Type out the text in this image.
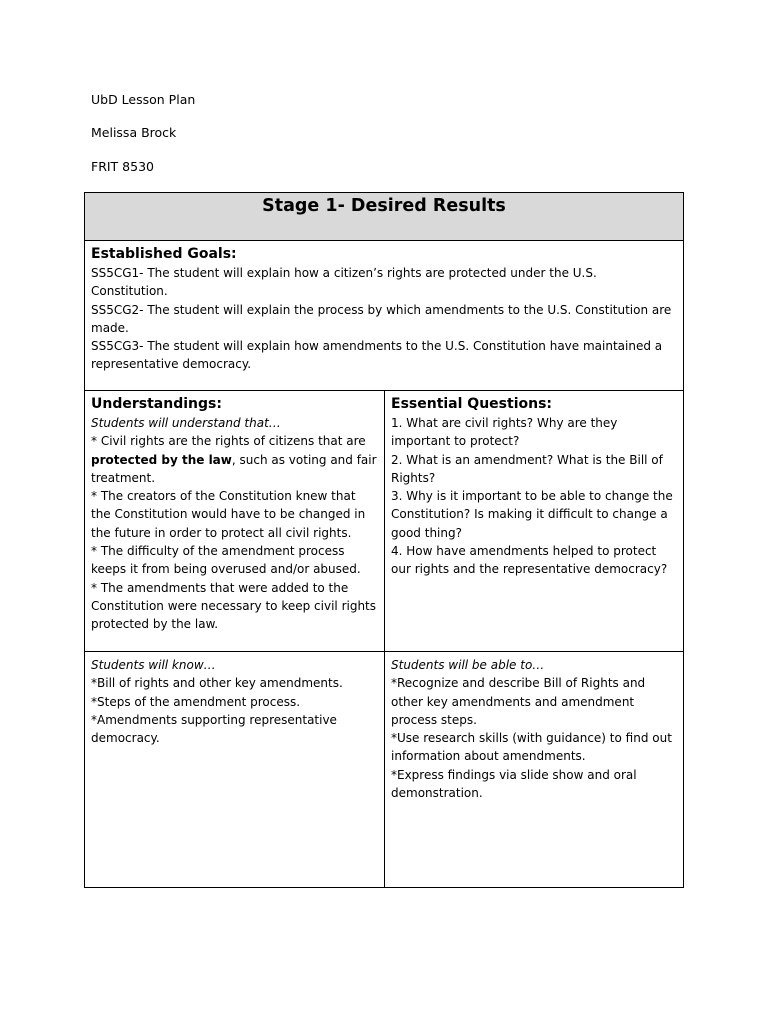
UbD Lesson Plan
Melissa Brock
FRIT 8530
Stage 1- Desired Results
Established Goals:

SS5CG1- The student will explain how a citizen’s rights are protected under the U.S. Constitution.

SS5CG2- The student will explain the process by which amendments to the U.S. Constitution are made.

SS5CG3- The student will explain how amendments to the U.S. Constitution have maintained a representative democracy.

Understandings:

Students will understand that…

* Civil rights are the rights of citizens that are protected by the law, such as voting and fair treatment.

* The creators of the Constitution knew that the Constitution would have to be changed in the future in order to protect all civil rights.

* The difficulty of the amendment process keeps it from being overused and/or abused.

* The amendments that were added to the Constitution were necessary to keep civil rights protected by the law.

Essential Questions:

1. What are civil rights? Why are they important to protect?

2. What is an amendment? What is the Bill of Rights?

3. Why is it important to be able to change the Constitution? Is making it difficult to change a good thing?

4. How have amendments helped to protect our rights and the representative democracy?

Students will know…

*Bill of rights and other key amendments.

*Steps of the amendment process.

*Amendments supporting representative democracy.

Students will be able to…

*Recognize and describe Bill of Rights and other key amendments and amendment process steps.

*Use research skills (with guidance) to find out information about amendments.

*Express findings via slide show and oral demonstration.
